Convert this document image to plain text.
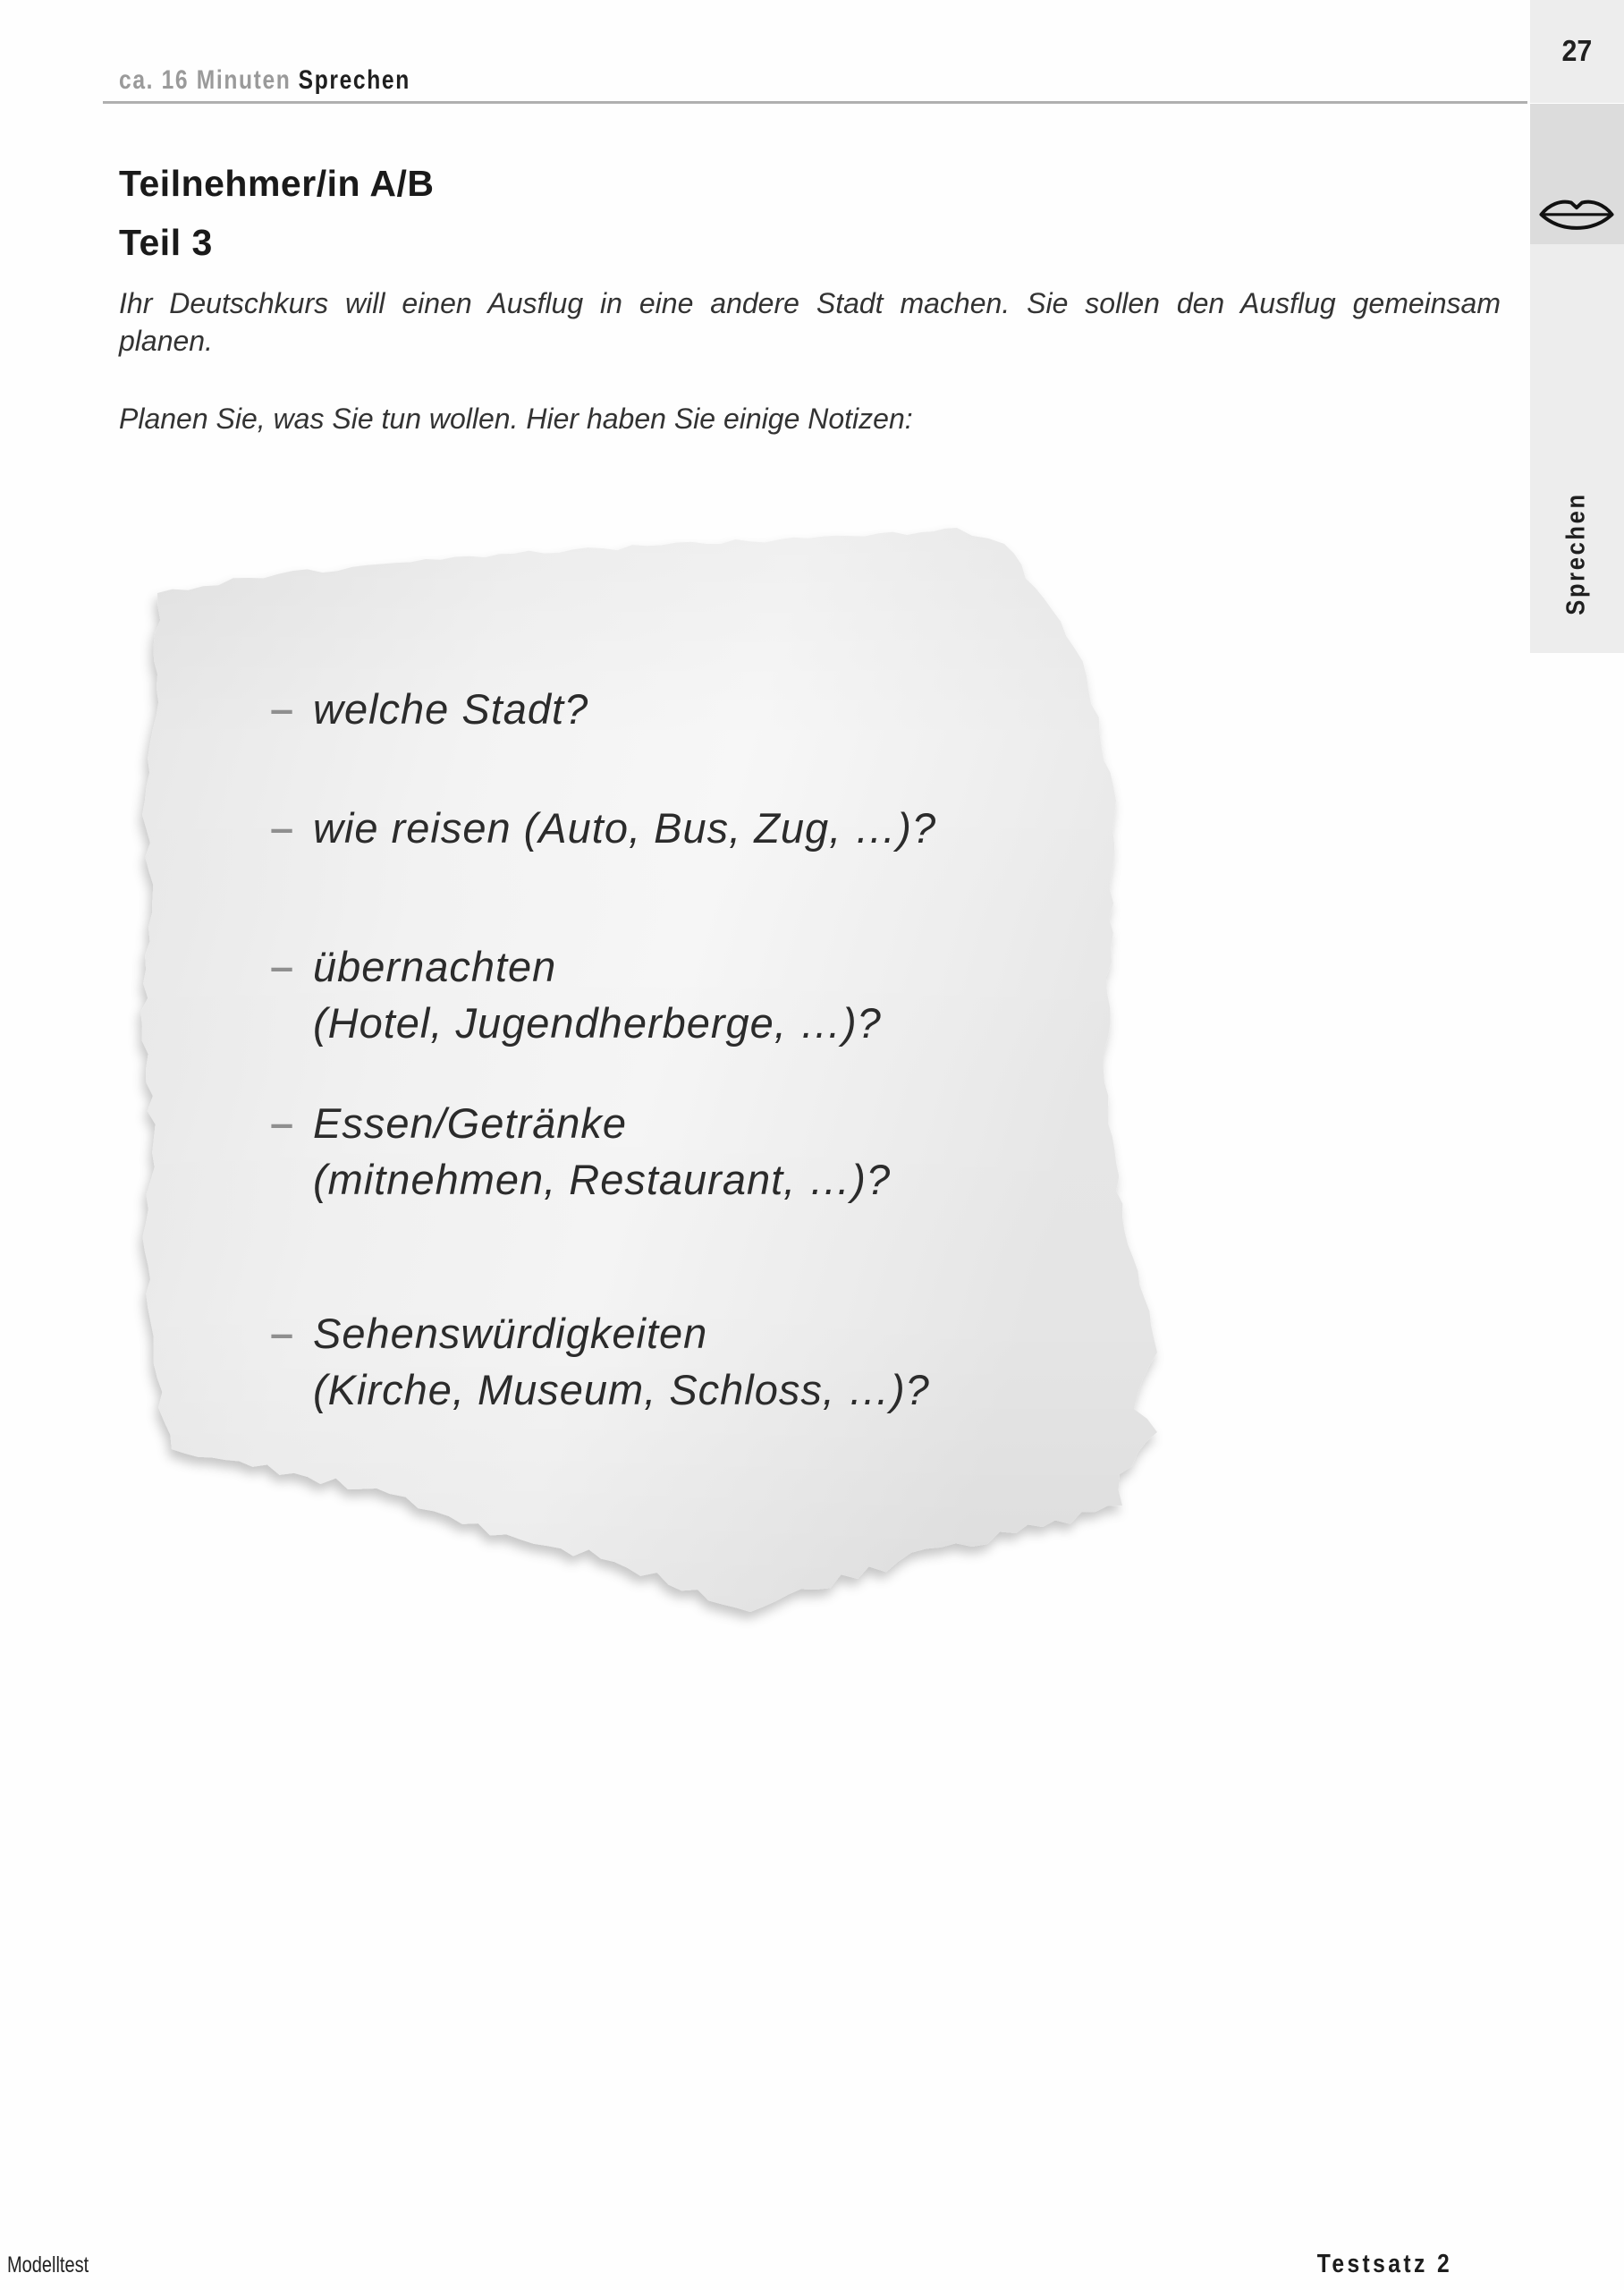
ca. 16 Minuten Sprechen
27
Sprechen
Teilnehmer/in A/B
Teil 3
Ihr Deutschkurs will einen Ausflug in eine andere Stadt machen. Sie sollen den Ausflug gemeinsam
planen.
Planen Sie, was Sie tun wollen. Hier haben Sie einige Notizen:
– welche Stadt?
– wie reisen (Auto, Bus, Zug, …)?
– übernachten
(Hotel, Jugendherberge, …)?
– Essen/Getränke
(mitnehmen, Restaurant, …)?
– Sehenswürdigkeiten
(Kirche, Museum, Schloss, …)?
Modelltest	Testsatz 2
